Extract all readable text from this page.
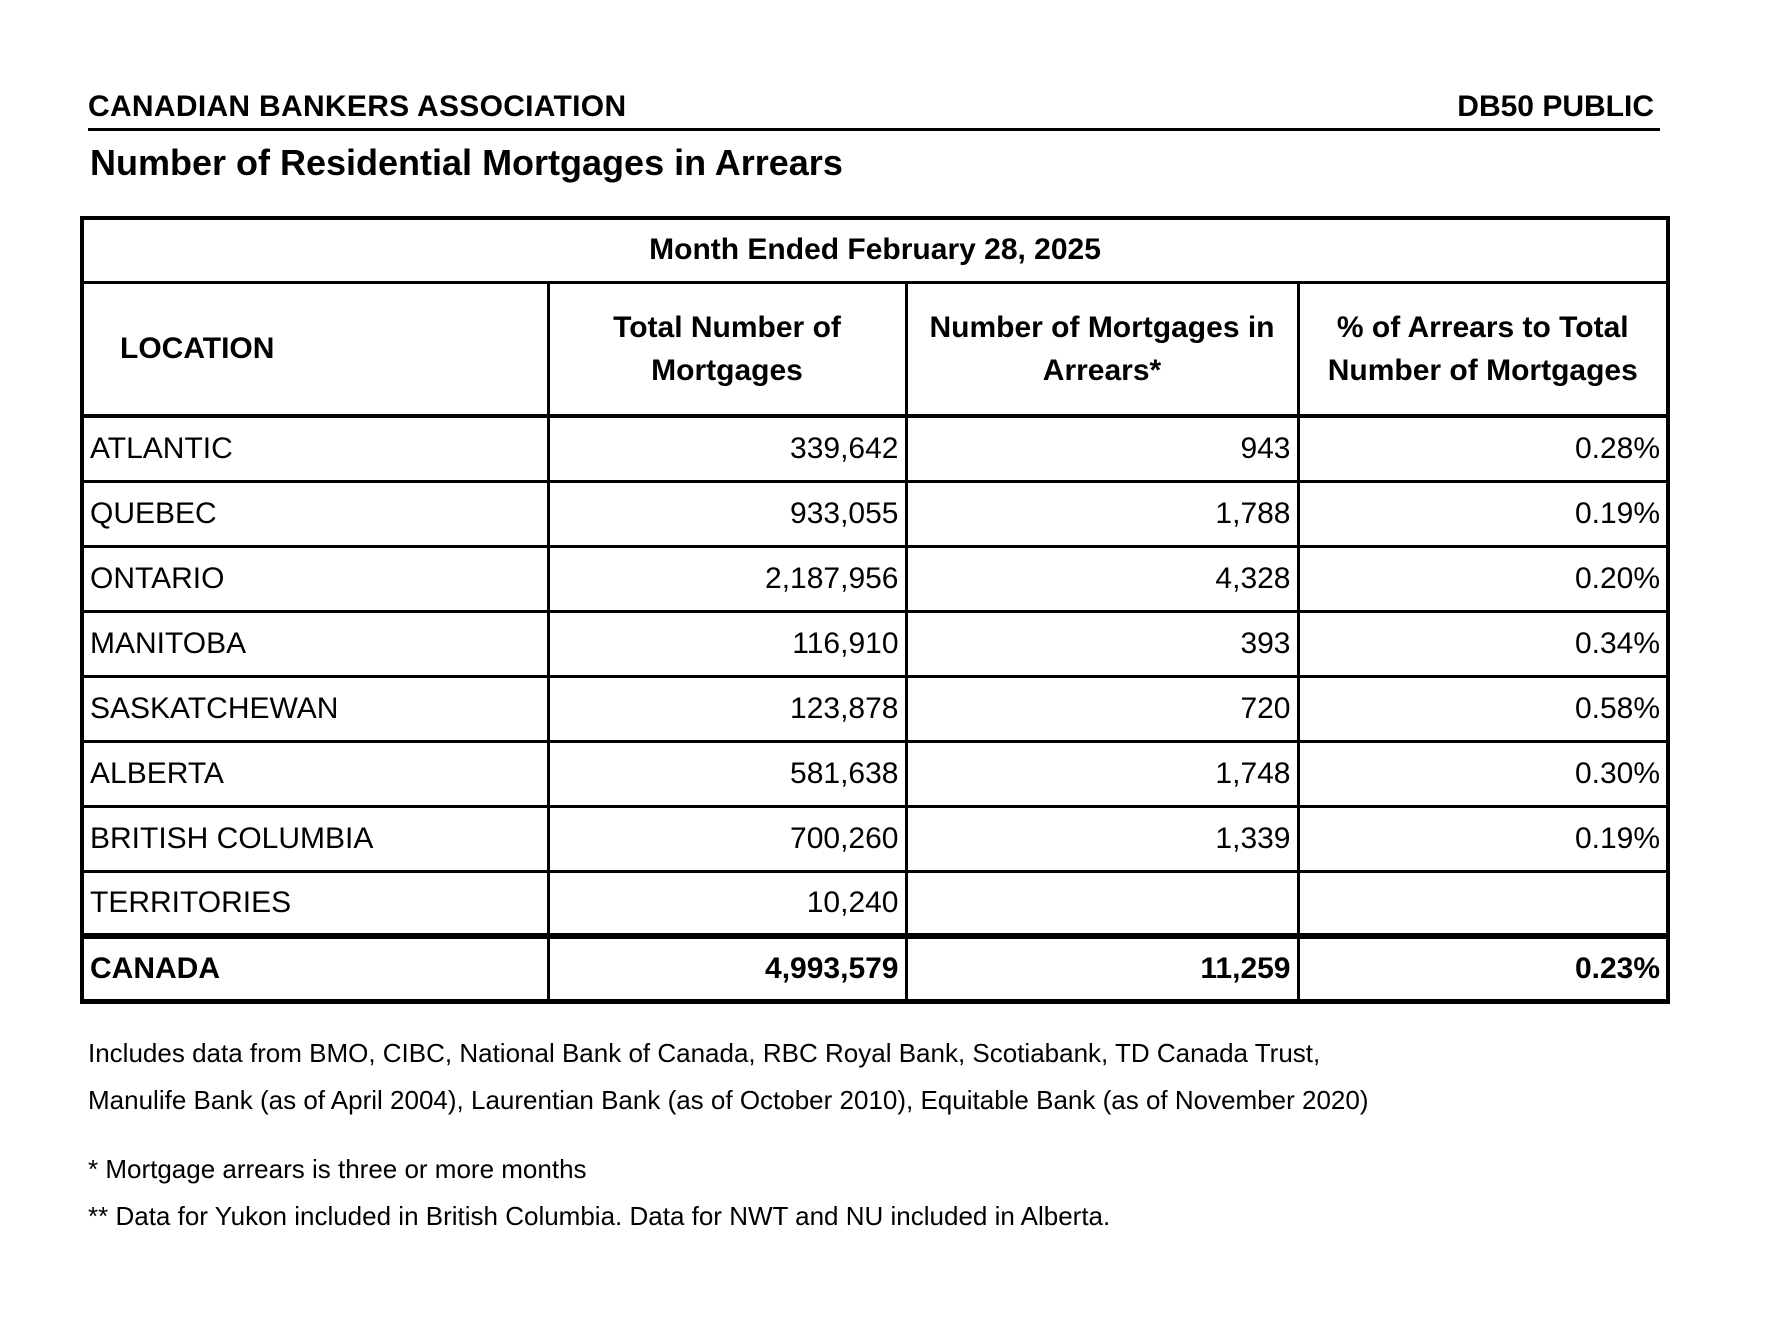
CANADIAN BANKERS ASSOCIATION	DB50 PUBLIC
Number of Residential Mortgages in Arrears
Month Ended February 28, 2025			
LOCATION	Total Number of Mortgages	Number of Mortgages in Arrears*	% of Arrears to Total Number of Mortgages
ATLANTIC	339,642	943	0.28%
QUEBEC	933,055	1,788	0.19%
ONTARIO	2,187,956	4,328	0.20%
MANITOBA	116,910	393	0.34%
SASKATCHEWAN	123,878	720	0.58%
ALBERTA	581,638	1,748	0.30%
BRITISH COLUMBIA	700,260	1,339	0.19%
TERRITORIES	10,240		
CANADA	4,993,579	11,259	0.23%
Includes data from BMO, CIBC, National Bank of Canada, RBC Royal Bank, Scotiabank, TD Canada Trust,
Manulife Bank (as of April 2004), Laurentian Bank (as of October 2010), Equitable Bank (as of November 2020)
* Mortgage arrears is three or more months
** Data for Yukon included in British Columbia. Data for NWT and NU included in Alberta.
